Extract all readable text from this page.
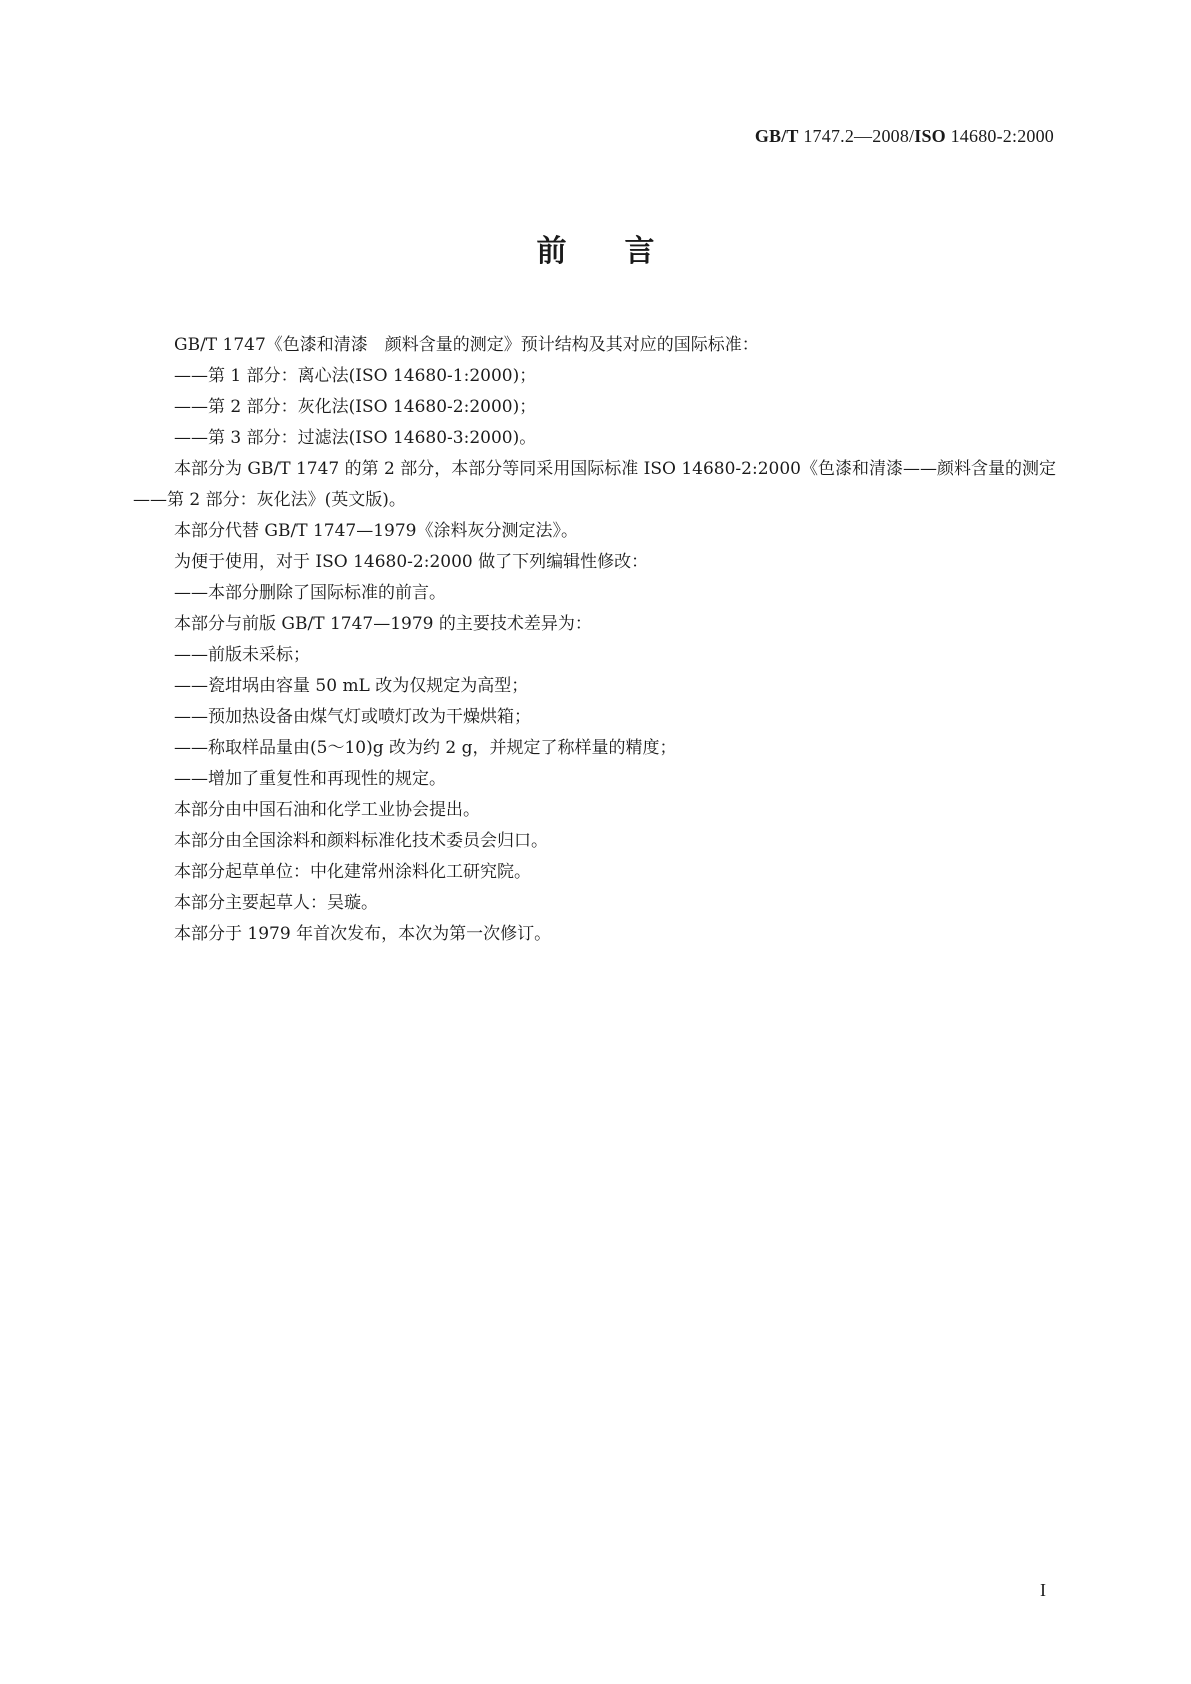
GB/T 1747.2—2008/ISO 14680-2:2000
前言

GB/T 1747《色漆和清漆　颜料含量的测定》预计结构及其对应的国际标准：

——第 1 部分：离心法(ISO 14680-1:2000)；

——第 2 部分：灰化法(ISO 14680-2:2000)；

——第 3 部分：过滤法(ISO 14680-3:2000)。

本部分为 GB/T 1747 的第 2 部分，本部分等同采用国际标准 ISO 14680-2:2000《色漆和清漆——颜料含量的测定——第 2 部分：灰化法》(英文版)。

本部分代替 GB/T 1747—1979《涂料灰分测定法》。

为便于使用，对于 ISO 14680-2:2000 做了下列编辑性修改：

——本部分删除了国际标准的前言。

本部分与前版 GB/T 1747—1979 的主要技术差异为：

——前版未采标；

——瓷坩埚由容量 50 mL 改为仅规定为高型；

——预加热设备由煤气灯或喷灯改为干燥烘箱；

——称取样品量由(5～10)g 改为约 2 g，并规定了称样量的精度；

——增加了重复性和再现性的规定。

本部分由中国石油和化学工业协会提出。

本部分由全国涂料和颜料标准化技术委员会归口。

本部分起草单位：中化建常州涂料化工研究院。

本部分主要起草人：吴璇。

本部分于 1979 年首次发布，本次为第一次修订。

I
